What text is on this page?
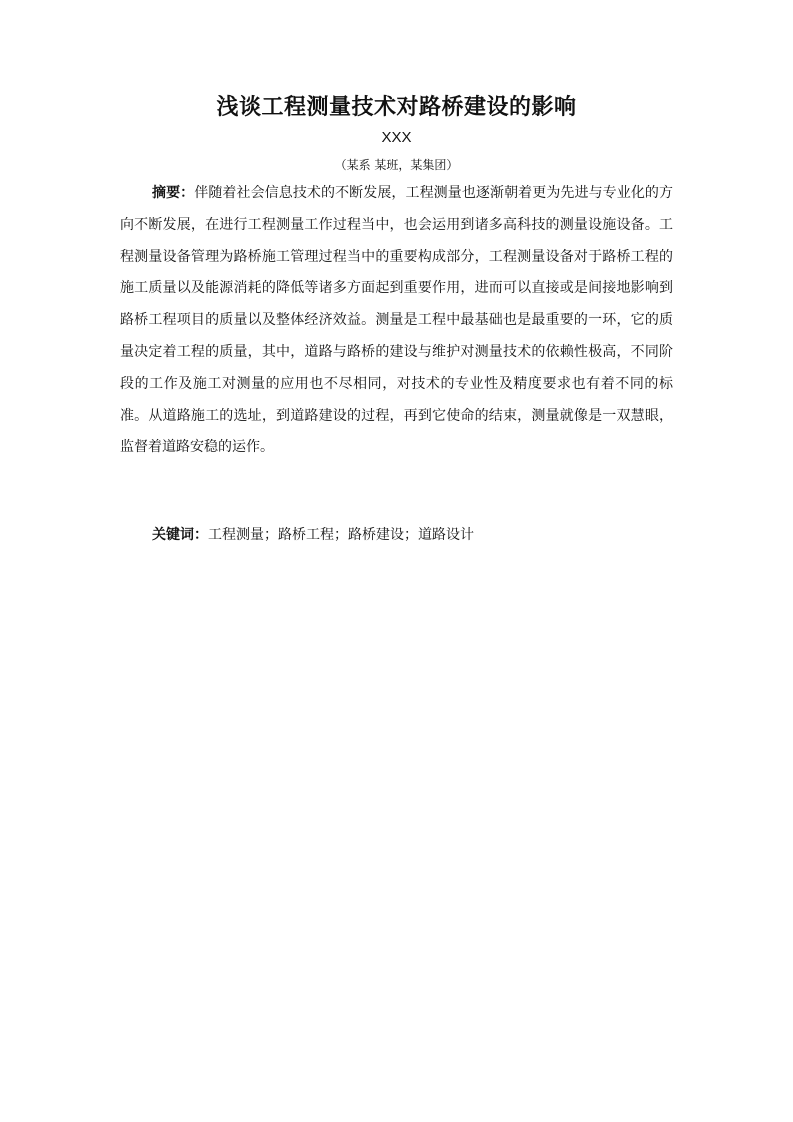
浅谈工程测量技术对路桥建设的影响
XXX
（某系 某班，某集团）

摘要：伴随着社会信息技术的不断发展，工程测量也逐渐朝着更为先进与专业化的方向不断发展，在进行工程测量工作过程当中，也会运用到诸多高科技的测量设施设备。工程测量设备管理为路桥施工管理过程当中的重要构成部分，工程测量设备对于路桥工程的施工质量以及能源消耗的降低等诸多方面起到重要作用，进而可以直接或是间接地影响到路桥工程项目的质量以及整体经济效益。测量是工程中最基础也是最重要的一环，它的质量决定着工程的质量，其中，道路与路桥的建设与维护对测量技术的依赖性极高，不同阶段的工作及施工对测量的应用也不尽相同，对技术的专业性及精度要求也有着不同的标准。从道路施工的选址，到道路建设的过程，再到它使命的结束，测量就像是一双慧眼，监督着道路安稳的运作。

关键词：工程测量；路桥工程；路桥建设；道路设计
